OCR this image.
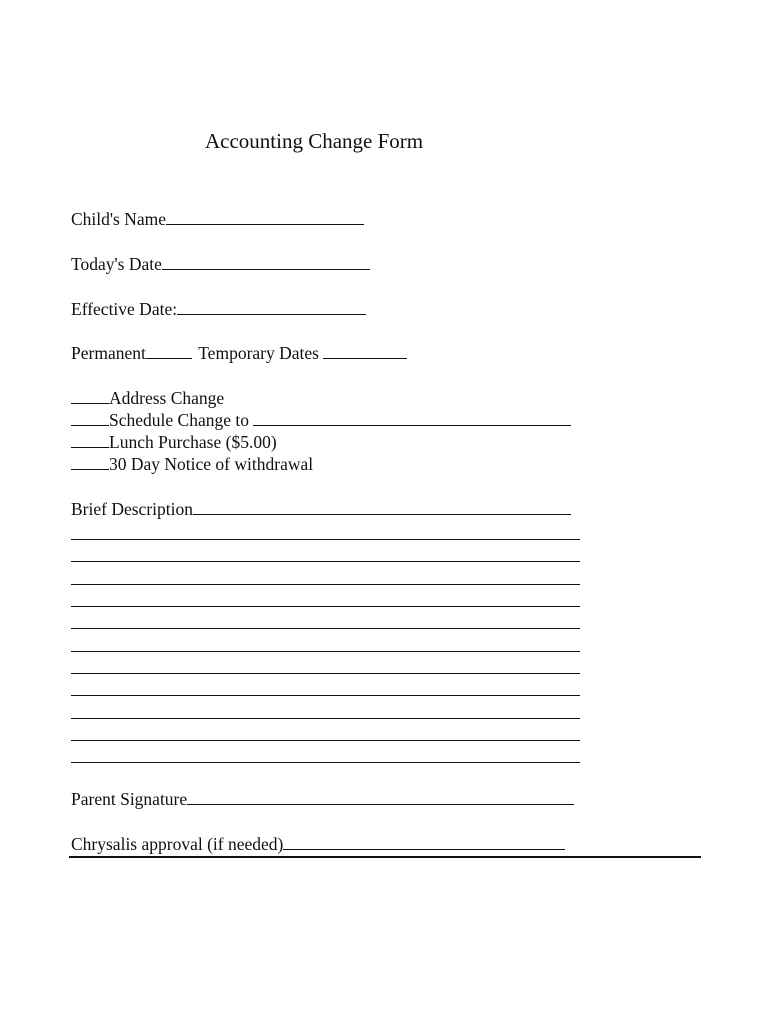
Accounting Change Form
Child's Name
Today's Date
Effective Date:
Permanent	Temporary Dates
Address Change
Schedule Change to
Lunch Purchase ($5.00)
30 Day Notice of withdrawal
Brief Description
Parent Signature
Chrysalis approval (if needed)
